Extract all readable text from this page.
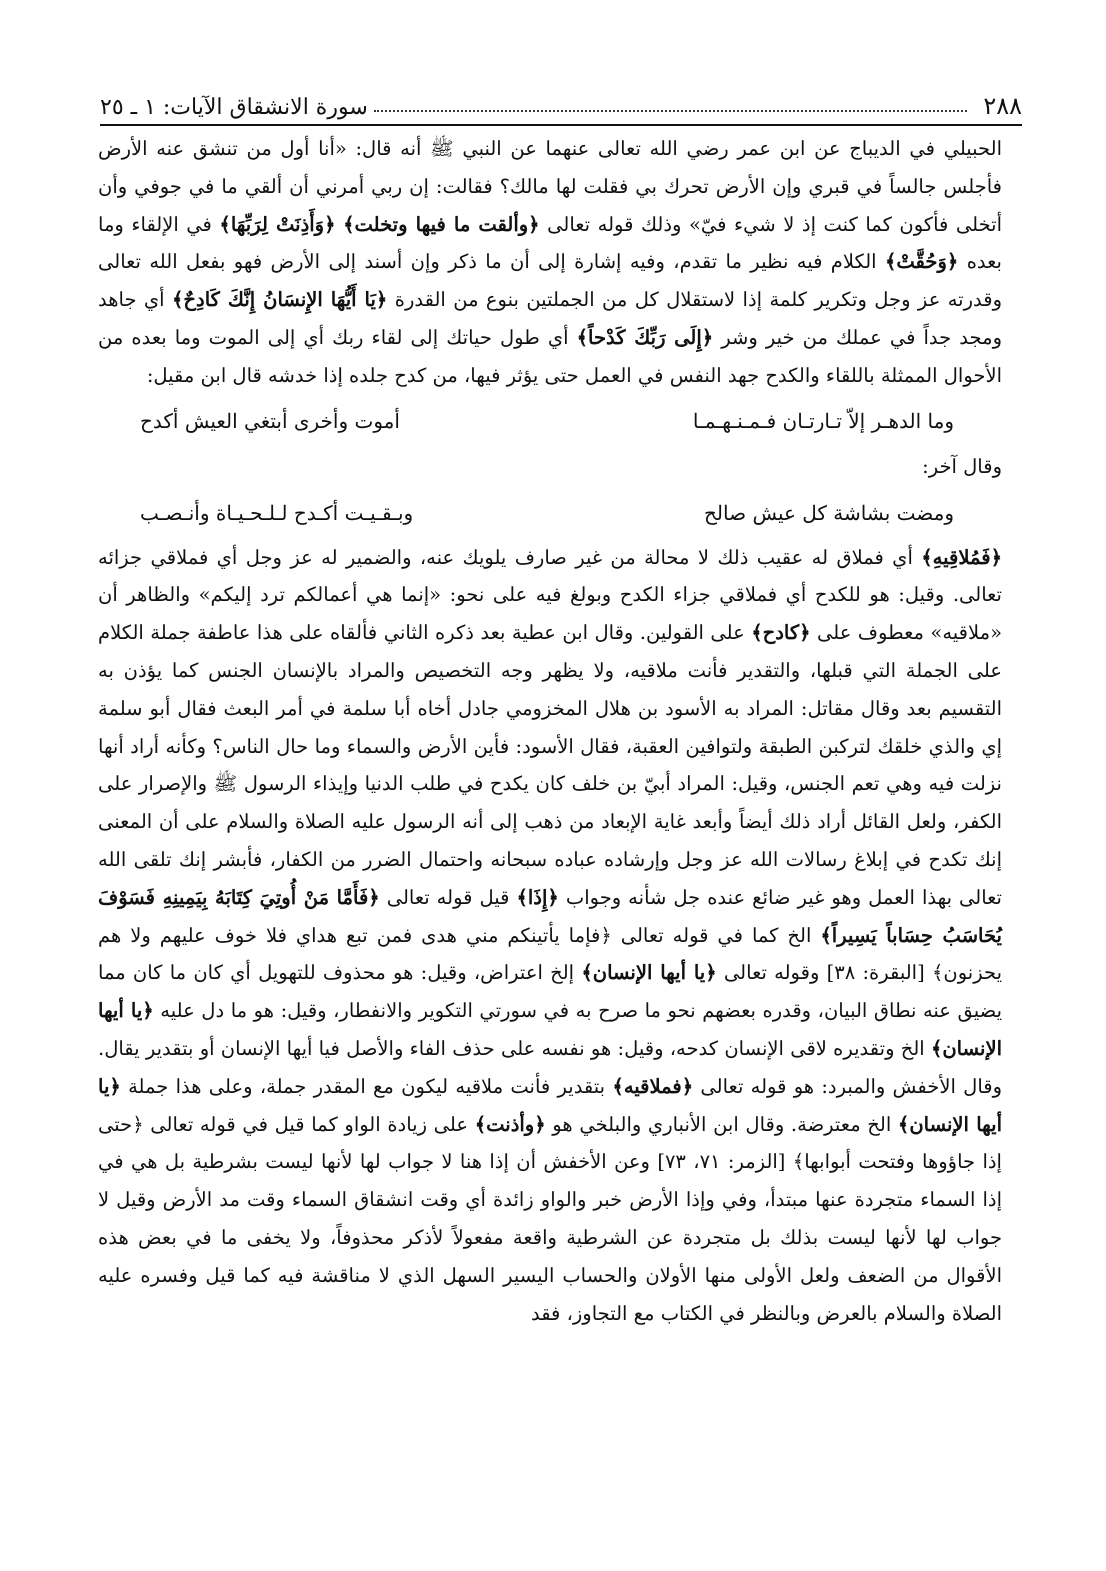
٢٨٨
سورة الانشقاق الآيات: ١ ـ ٢٥

الحبيلي في الديباج عن ابن عمر رضي الله تعالى عنهما عن النبي ﷺ أنه قال: «أنا أول من تنشق عنه الأرض فأجلس جالساً في قبري وإن الأرض تحرك بي فقلت لها مالك؟ فقالت: إن ربي أمرني أن ألقي ما في جوفي وأن أتخلى فأكون كما كنت إذ لا شيء فيّ» وذلك قوله تعالى ﴿وألقت ما فيها وتخلت﴾ ﴿وَأَذِنَتْ لِرَبِّهَا﴾ في الإلقاء وما بعده ﴿وَحُقَّتْ﴾ الكلام فيه نظير ما تقدم، وفيه إشارة إلى أن ما ذكر وإن أسند إلى الأرض فهو بفعل الله تعالى وقدرته عز وجل وتكرير كلمة إذا لاستقلال كل من الجملتين بنوع من القدرة ﴿يَا أَيُّهَا الإِنسَانُ إِنَّكَ كَادِحٌ﴾ أي جاهد ومجد جداً في عملك من خير وشر ﴿إِلَى رَبِّكَ كَدْحاً﴾ أي طول حياتك إلى لقاء ربك أي إلى الموت وما بعده من الأحوال الممثلة باللقاء والكدح جهد النفس في العمل حتى يؤثر فيها، من كدح جلده إذا خدشه قال ابن مقيل:

وما الدهـر إلاّ تـارتـان فـمـنـهـمـا
أموت وأخرى أبتغي العيش أكدح

وقال آخر:

ومضت بشاشة كل عيش صالح
وبـقـيـت أكـدح لـلـحـيـاة وأنـصـب

﴿فَمُلاقِيهِ﴾ أي فملاق له عقيب ذلك لا محالة من غير صارف يلويك عنه، والضمير له عز وجل أي فملاقي جزائه تعالى. وقيل: هو للكدح أي فملاقي جزاء الكدح وبولغ فيه على نحو: «إنما هي أعمالكم ترد إليكم» والظاهر أن «ملاقيه» معطوف على ﴿كادح﴾ على القولين. وقال ابن عطية بعد ذكره الثاني فألقاه على هذا عاطفة جملة الكلام على الجملة التي قبلها، والتقدير فأنت ملاقيه، ولا يظهر وجه التخصيص والمراد بالإنسان الجنس كما يؤذن به التقسيم بعد وقال مقاتل: المراد به الأسود بن هلال المخزومي جادل أخاه أبا سلمة في أمر البعث فقال أبو سلمة إي والذي خلقك لتركبن الطبقة ولتوافين العقبة، فقال الأسود: فأين الأرض والسماء وما حال الناس؟ وكأنه أراد أنها نزلت فيه وهي تعم الجنس، وقيل: المراد أبيّ بن خلف كان يكدح في طلب الدنيا وإيذاء الرسول ﷺ والإصرار على الكفر، ولعل القائل أراد ذلك أيضاً وأبعد غاية الإبعاد من ذهب إلى أنه الرسول عليه الصلاة والسلام على أن المعنى إنك تكدح في إبلاغ رسالات الله عز وجل وإرشاده عباده سبحانه واحتمال الضرر من الكفار، فأبشر إنك تلقى الله تعالى بهذا العمل وهو غير ضائع عنده جل شأنه وجواب ﴿إِذَا﴾ قيل قوله تعالى ﴿فَأَمَّا مَنْ أُوتِيَ كِتَابَهُ بِيَمِينِهِ فَسَوْفَ يُحَاسَبُ حِسَاباً يَسِيراً﴾ الخ كما في قوله تعالى ﴿فإما يأتينكم مني هدى فمن تبع هداي فلا خوف عليهم ولا هم يحزنون﴾ [البقرة: ٣٨] وقوله تعالى ﴿يا أيها الإنسان﴾ إلخ اعتراض، وقيل: هو محذوف للتهويل أي كان ما كان مما يضيق عنه نطاق البيان، وقدره بعضهم نحو ما صرح به في سورتي التكوير والانفطار، وقيل: هو ما دل عليه ﴿يا أيها الإنسان﴾ الخ وتقديره لاقى الإنسان كدحه، وقيل: هو نفسه على حذف الفاء والأصل فيا أيها الإنسان أو بتقدير يقال. وقال الأخفش والمبرد: هو قوله تعالى ﴿فملاقيه﴾ بتقدير فأنت ملاقيه ليكون مع المقدر جملة، وعلى هذا جملة ﴿يا أيها الإنسان﴾ الخ معترضة. وقال ابن الأنباري والبلخي هو ﴿وأذنت﴾ على زيادة الواو كما قيل في قوله تعالى ﴿حتى إذا جاؤوها وفتحت أبوابها﴾ [الزمر: ٧١، ٧٣] وعن الأخفش أن إذا هنا لا جواب لها لأنها ليست بشرطية بل هي في إذا السماء متجردة عنها مبتدأ، وفي وإذا الأرض خبر والواو زائدة أي وقت انشقاق السماء وقت مد الأرض وقيل لا جواب لها لأنها ليست بذلك بل متجردة عن الشرطية واقعة مفعولاً لأذكر محذوفاً، ولا يخفى ما في بعض هذه الأقوال من الضعف ولعل الأولى منها الأولان والحساب اليسير السهل الذي لا مناقشة فيه كما قيل وفسره عليه الصلاة والسلام بالعرض وبالنظر في الكتاب مع التجاوز، فقد
